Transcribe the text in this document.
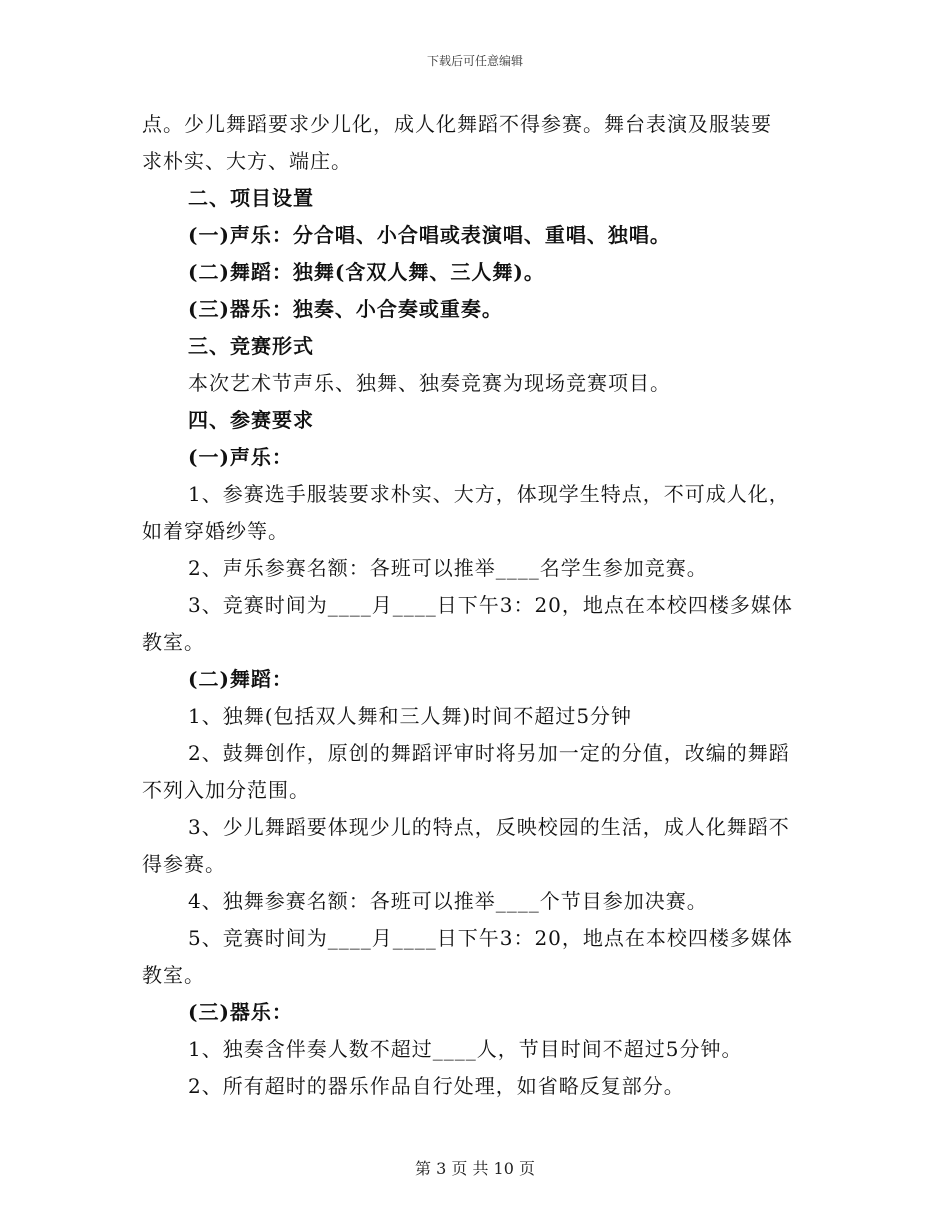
下载后可任意编辑
点。少儿舞蹈要求少儿化，成人化舞蹈不得参赛。舞台表演及服装要
求朴实、大方、端庄。
二、项目设置
(一)声乐：分合唱、小合唱或表演唱、重唱、独唱。
(二)舞蹈：独舞(含双人舞、三人舞)。
(三)器乐：独奏、小合奏或重奏。
三、竞赛形式
本次艺术节声乐、独舞、独奏竞赛为现场竞赛项目。
四、参赛要求
(一)声乐：
1、参赛选手服装要求朴实、大方，体现学生特点，不可成人化，
如着穿婚纱等。
2、声乐参赛名额：各班可以推举____名学生参加竞赛。
3、竞赛时间为____月____日下午3：20，地点在本校四楼多媒体
教室。
(二)舞蹈：
1、独舞(包括双人舞和三人舞)时间不超过5分钟
2、鼓舞创作，原创的舞蹈评审时将另加一定的分值，改编的舞蹈
不列入加分范围。
3、少儿舞蹈要体现少儿的特点，反映校园的生活，成人化舞蹈不
得参赛。
4、独舞参赛名额：各班可以推举____个节目参加决赛。
5、竞赛时间为____月____日下午3：20，地点在本校四楼多媒体
教室。
(三)器乐：
1、独奏含伴奏人数不超过____人，节目时间不超过5分钟。
2、所有超时的器乐作品自行处理，如省略反复部分。
第 3 页 共 10 页
